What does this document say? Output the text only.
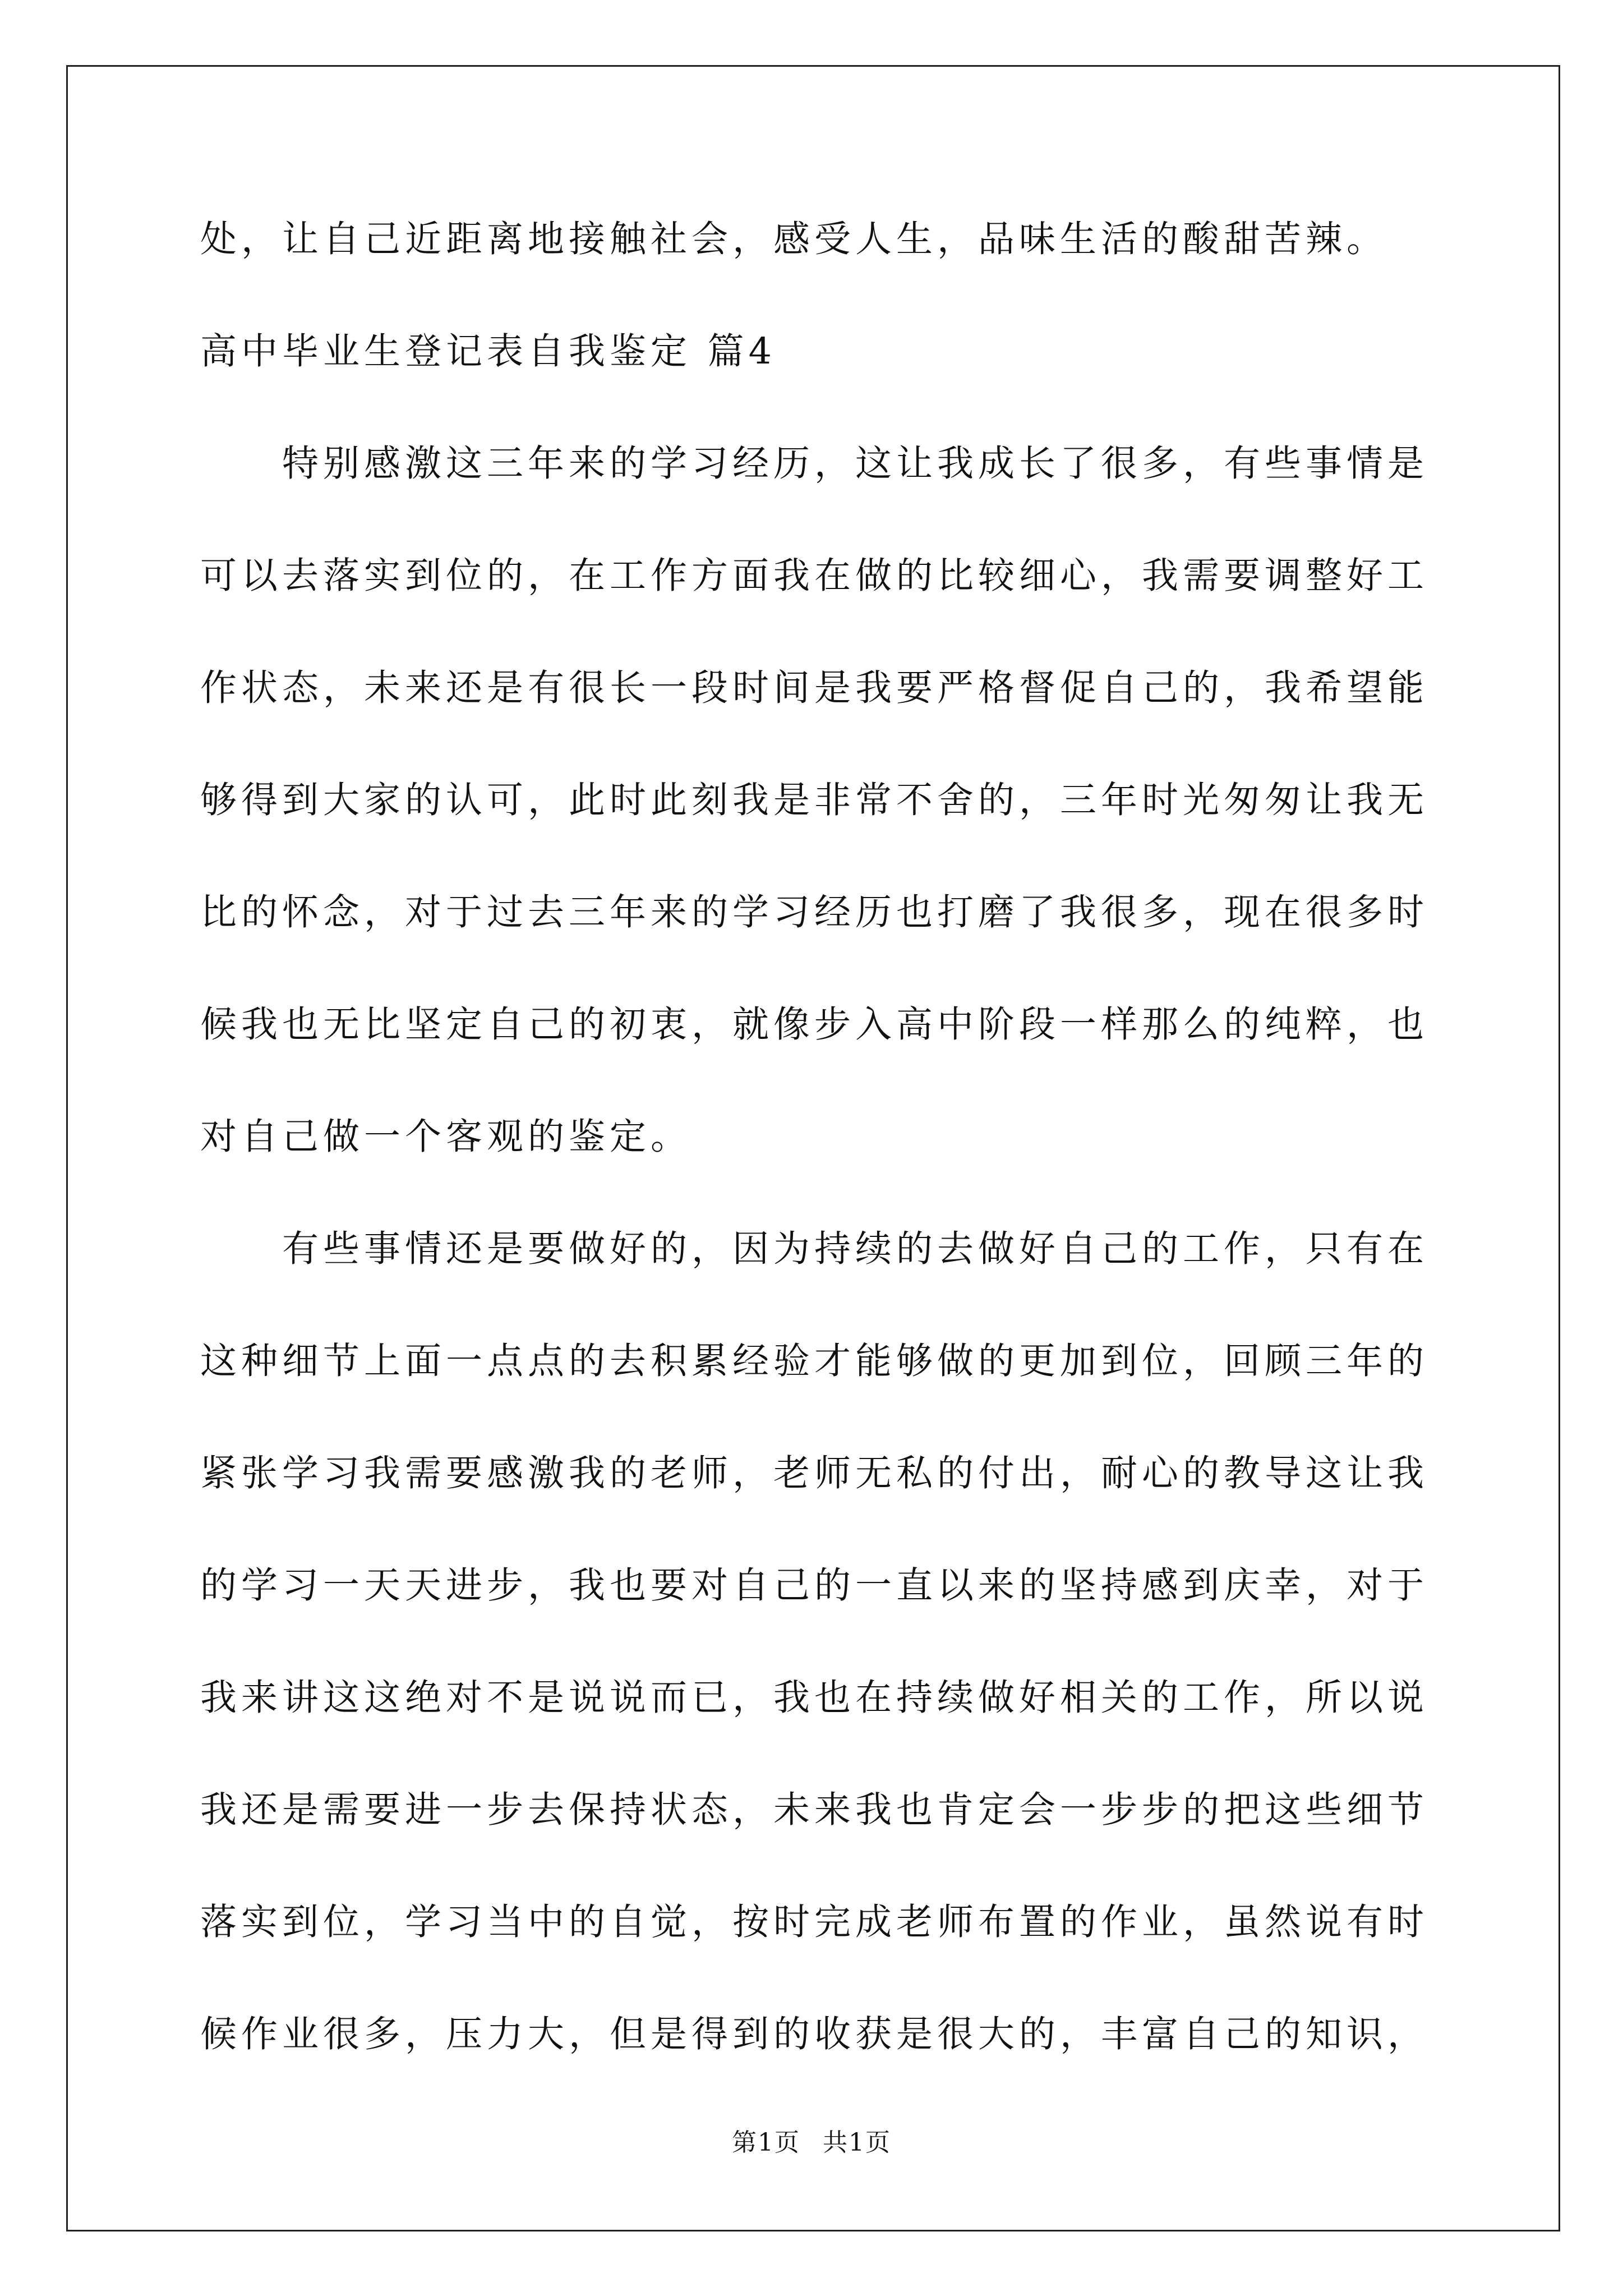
处，让自己近距离地接触社会，感受人生，品味生活的酸甜苦辣。
高中毕业生登记表自我鉴定 篇4
　　特别感激这三年来的学习经历，这让我成长了很多，有些事情是
可以去落实到位的，在工作方面我在做的比较细心，我需要调整好工
作状态，未来还是有很长一段时间是我要严格督促自己的，我希望能
够得到大家的认可，此时此刻我是非常不舍的，三年时光匆匆让我无
比的怀念，对于过去三年来的学习经历也打磨了我很多，现在很多时
候我也无比坚定自己的初衷，就像步入高中阶段一样那么的纯粹，也
对自己做一个客观的鉴定。
　　有些事情还是要做好的，因为持续的去做好自己的工作，只有在
这种细节上面一点点的去积累经验才能够做的更加到位，回顾三年的
紧张学习我需要感激我的老师，老师无私的付出，耐心的教导这让我
的学习一天天进步，我也要对自己的一直以来的坚持感到庆幸，对于
我来讲这这绝对不是说说而已，我也在持续做好相关的工作，所以说
我还是需要进一步去保持状态，未来我也肯定会一步步的把这些细节
落实到位，学习当中的自觉，按时完成老师布置的作业，虽然说有时
候作业很多，压力大，但是得到的收获是很大的，丰富自己的知识，
第1页 共1页
